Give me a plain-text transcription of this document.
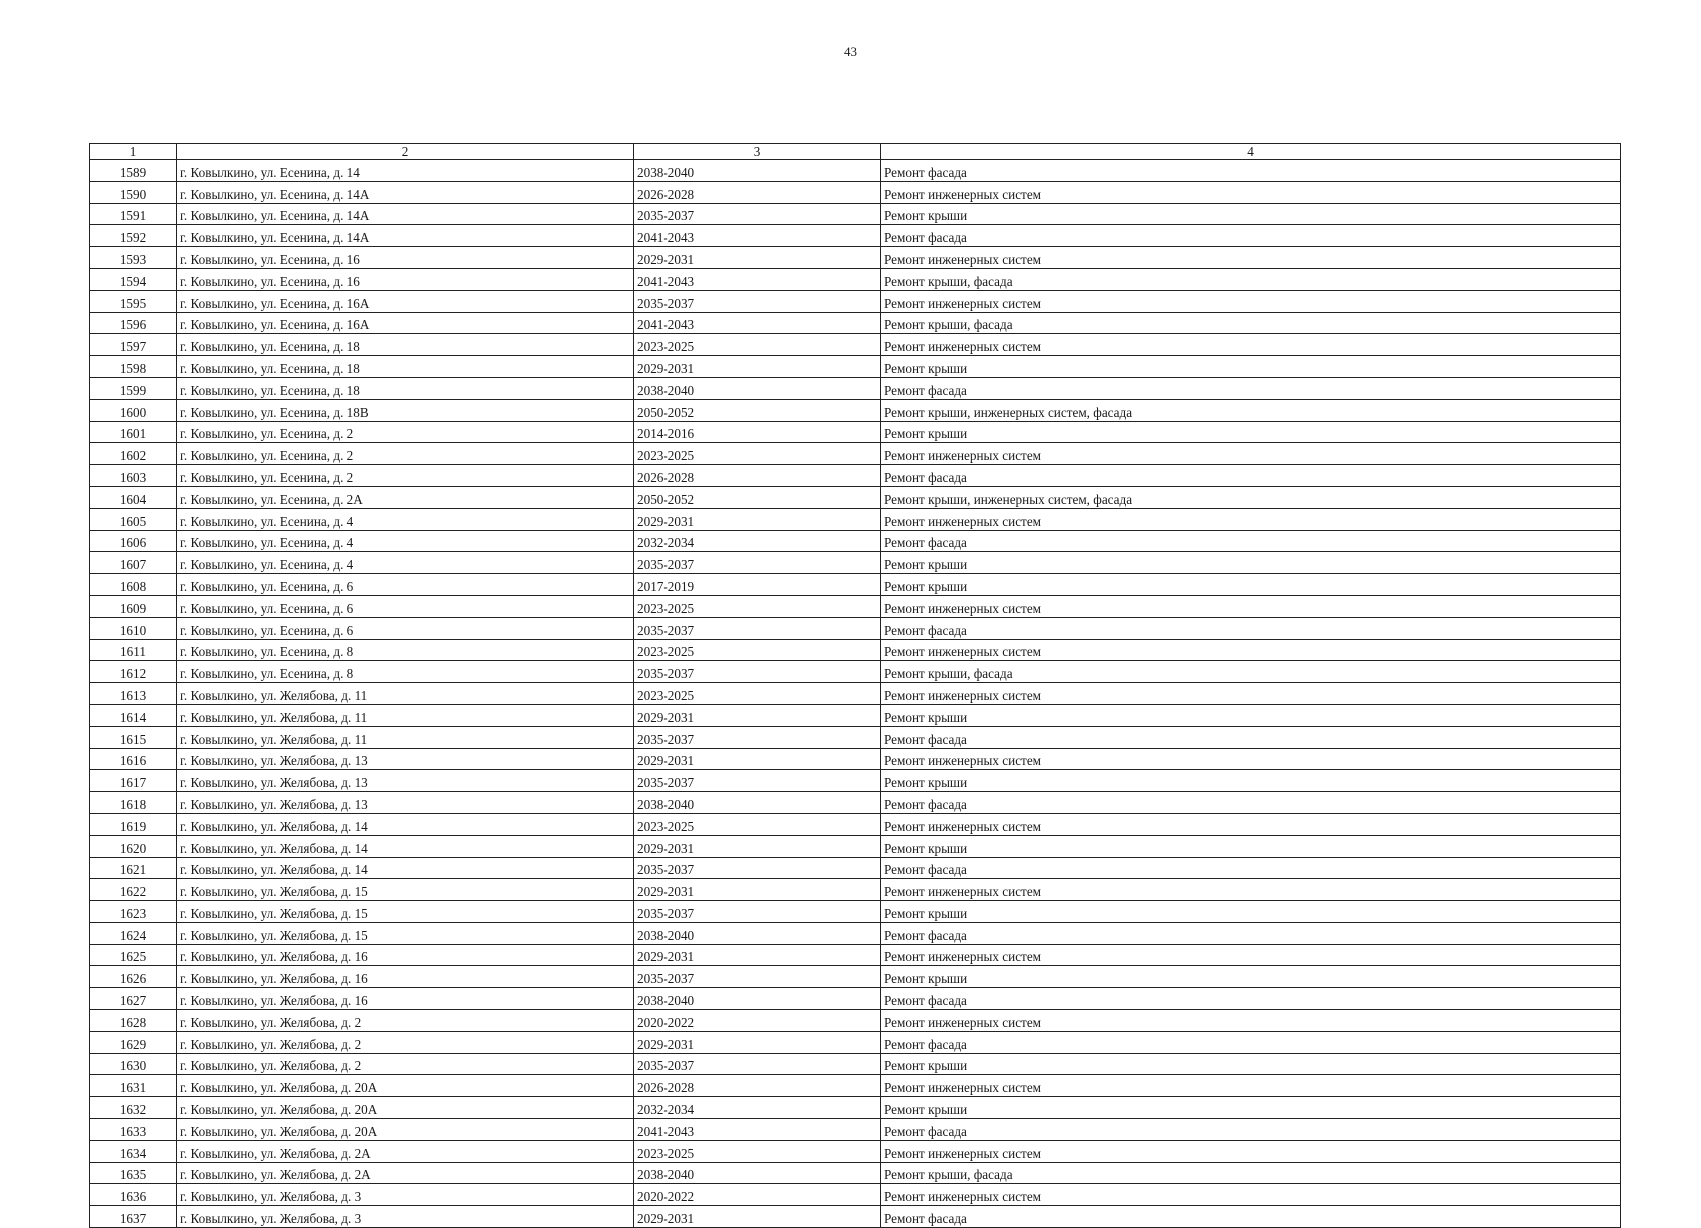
43
1	2	3	4
1589	г. Ковылкино, ул. Есенина, д. 14	2038-2040	Ремонт фасада
1590	г. Ковылкино, ул. Есенина, д. 14А	2026-2028	Ремонт инженерных систем
1591	г. Ковылкино, ул. Есенина, д. 14А	2035-2037	Ремонт крыши
1592	г. Ковылкино, ул. Есенина, д. 14А	2041-2043	Ремонт фасада
1593	г. Ковылкино, ул. Есенина, д. 16	2029-2031	Ремонт инженерных систем
1594	г. Ковылкино, ул. Есенина, д. 16	2041-2043	Ремонт крыши, фасада
1595	г. Ковылкино, ул. Есенина, д. 16А	2035-2037	Ремонт инженерных систем
1596	г. Ковылкино, ул. Есенина, д. 16А	2041-2043	Ремонт крыши, фасада
1597	г. Ковылкино, ул. Есенина, д. 18	2023-2025	Ремонт инженерных систем
1598	г. Ковылкино, ул. Есенина, д. 18	2029-2031	Ремонт крыши
1599	г. Ковылкино, ул. Есенина, д. 18	2038-2040	Ремонт фасада
1600	г. Ковылкино, ул. Есенина, д. 18В	2050-2052	Ремонт крыши, инженерных систем, фасада
1601	г. Ковылкино, ул. Есенина, д. 2	2014-2016	Ремонт крыши
1602	г. Ковылкино, ул. Есенина, д. 2	2023-2025	Ремонт инженерных систем
1603	г. Ковылкино, ул. Есенина, д. 2	2026-2028	Ремонт фасада
1604	г. Ковылкино, ул. Есенина, д. 2А	2050-2052	Ремонт крыши, инженерных систем, фасада
1605	г. Ковылкино, ул. Есенина, д. 4	2029-2031	Ремонт инженерных систем
1606	г. Ковылкино, ул. Есенина, д. 4	2032-2034	Ремонт фасада
1607	г. Ковылкино, ул. Есенина, д. 4	2035-2037	Ремонт крыши
1608	г. Ковылкино, ул. Есенина, д. 6	2017-2019	Ремонт крыши
1609	г. Ковылкино, ул. Есенина, д. 6	2023-2025	Ремонт инженерных систем
1610	г. Ковылкино, ул. Есенина, д. 6	2035-2037	Ремонт фасада
1611	г. Ковылкино, ул. Есенина, д. 8	2023-2025	Ремонт инженерных систем
1612	г. Ковылкино, ул. Есенина, д. 8	2035-2037	Ремонт крыши, фасада
1613	г. Ковылкино, ул. Желябова, д. 11	2023-2025	Ремонт инженерных систем
1614	г. Ковылкино, ул. Желябова, д. 11	2029-2031	Ремонт крыши
1615	г. Ковылкино, ул. Желябова, д. 11	2035-2037	Ремонт фасада
1616	г. Ковылкино, ул. Желябова, д. 13	2029-2031	Ремонт инженерных систем
1617	г. Ковылкино, ул. Желябова, д. 13	2035-2037	Ремонт крыши
1618	г. Ковылкино, ул. Желябова, д. 13	2038-2040	Ремонт фасада
1619	г. Ковылкино, ул. Желябова, д. 14	2023-2025	Ремонт инженерных систем
1620	г. Ковылкино, ул. Желябова, д. 14	2029-2031	Ремонт крыши
1621	г. Ковылкино, ул. Желябова, д. 14	2035-2037	Ремонт фасада
1622	г. Ковылкино, ул. Желябова, д. 15	2029-2031	Ремонт инженерных систем
1623	г. Ковылкино, ул. Желябова, д. 15	2035-2037	Ремонт крыши
1624	г. Ковылкино, ул. Желябова, д. 15	2038-2040	Ремонт фасада
1625	г. Ковылкино, ул. Желябова, д. 16	2029-2031	Ремонт инженерных систем
1626	г. Ковылкино, ул. Желябова, д. 16	2035-2037	Ремонт крыши
1627	г. Ковылкино, ул. Желябова, д. 16	2038-2040	Ремонт фасада
1628	г. Ковылкино, ул. Желябова, д. 2	2020-2022	Ремонт инженерных систем
1629	г. Ковылкино, ул. Желябова, д. 2	2029-2031	Ремонт фасада
1630	г. Ковылкино, ул. Желябова, д. 2	2035-2037	Ремонт крыши
1631	г. Ковылкино, ул. Желябова, д. 20А	2026-2028	Ремонт инженерных систем
1632	г. Ковылкино, ул. Желябова, д. 20А	2032-2034	Ремонт крыши
1633	г. Ковылкино, ул. Желябова, д. 20А	2041-2043	Ремонт фасада
1634	г. Ковылкино, ул. Желябова, д. 2А	2023-2025	Ремонт инженерных систем
1635	г. Ковылкино, ул. Желябова, д. 2А	2038-2040	Ремонт крыши, фасада
1636	г. Ковылкино, ул. Желябова, д. 3	2020-2022	Ремонт инженерных систем
1637	г. Ковылкино, ул. Желябова, д. 3	2029-2031	Ремонт фасада
